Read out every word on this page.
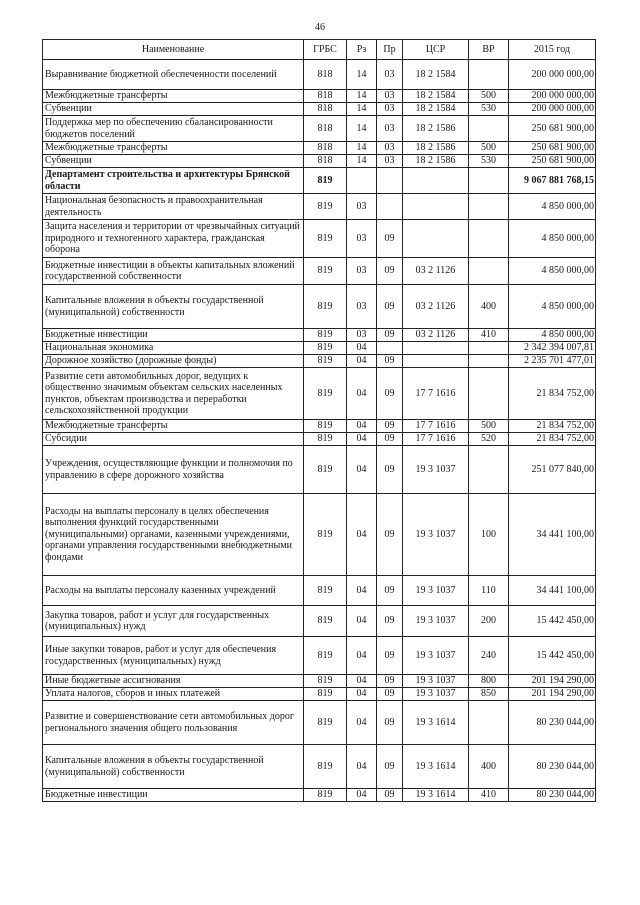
46
Наименование	ГРБС	Рз	Пр	ЦСР	ВР	2015 год
Выравнивание бюджетной обеспеченности поселений	818	14	03	18 2 1584		200 000 000,00
Межбюджетные трансферты	818	14	03	18 2 1584	500	200 000 000,00
Субвенции	818	14	03	18 2 1584	530	200 000 000,00
Поддержка мер по обеспечению сбалансированности бюджетов поселений	818	14	03	18 2 1586		250 681 900,00
Межбюджетные трансферты	818	14	03	18 2 1586	500	250 681 900,00
Субвенции	818	14	03	18 2 1586	530	250 681 900,00
Департамент строительства и архитектуры Брянской области	819					9 067 881 768,15
Национальная безопасность и правоохранительная деятельность	819	03				4 850 000,00
Защита населения и территории от чрезвычайных ситуаций природного и техногенного характера, гражданская оборона	819	03	09			4 850 000,00
Бюджетные инвестиции в объекты капитальных вложений государственной собственности	819	03	09	03 2 1126		4 850 000,00
Капитальные вложения в объекты государственной (муниципальной) собственности	819	03	09	03 2 1126	400	4 850 000,00
Бюджетные инвестиции	819	03	09	03 2 1126	410	4 850 000,00
Национальная экономика	819	04				2 342 394 007,81
Дорожное хозяйство (дорожные фонды)	819	04	09			2 235 701 477,01
Развитие сети автомобильных дорог, ведущих к общественно значимым объектам сельских населенных пунктов, объектам производства и переработки сельскохозяйственной продукции	819	04	09	17 7 1616		21 834 752,00
Межбюджетные трансферты	819	04	09	17 7 1616	500	21 834 752,00
Субсидии	819	04	09	17 7 1616	520	21 834 752,00
Учреждения, осуществляющие функции и полномочия по управлению в сфере дорожного хозяйства	819	04	09	19 3 1037		251 077 840,00
Расходы на выплаты персоналу в целях обеспечения выполнения функций государственными (муниципальными) органами, казенными учреждениями, органами управления государственными внебюджетными фондами	819	04	09	19 3 1037	100	34 441 100,00
Расходы на выплаты персоналу казенных учреждений	819	04	09	19 3 1037	110	34 441 100,00
Закупка товаров, работ и услуг для государственных (муниципальных) нужд	819	04	09	19 3 1037	200	15 442 450,00
Иные закупки товаров, работ и услуг для обеспечения государственных (муниципальных) нужд	819	04	09	19 3 1037	240	15 442 450,00
Иные бюджетные ассигнования	819	04	09	19 3 1037	800	201 194 290,00
Уплата налогов, сборов и иных платежей	819	04	09	19 3 1037	850	201 194 290,00
Развитие и совершенствование сети автомобильных дорог регионального значения общего пользования	819	04	09	19 3 1614		80 230 044,00
Капитальные вложения в объекты государственной (муниципальной) собственности	819	04	09	19 3 1614	400	80 230 044,00
Бюджетные инвестиции	819	04	09	19 3 1614	410	80 230 044,00
